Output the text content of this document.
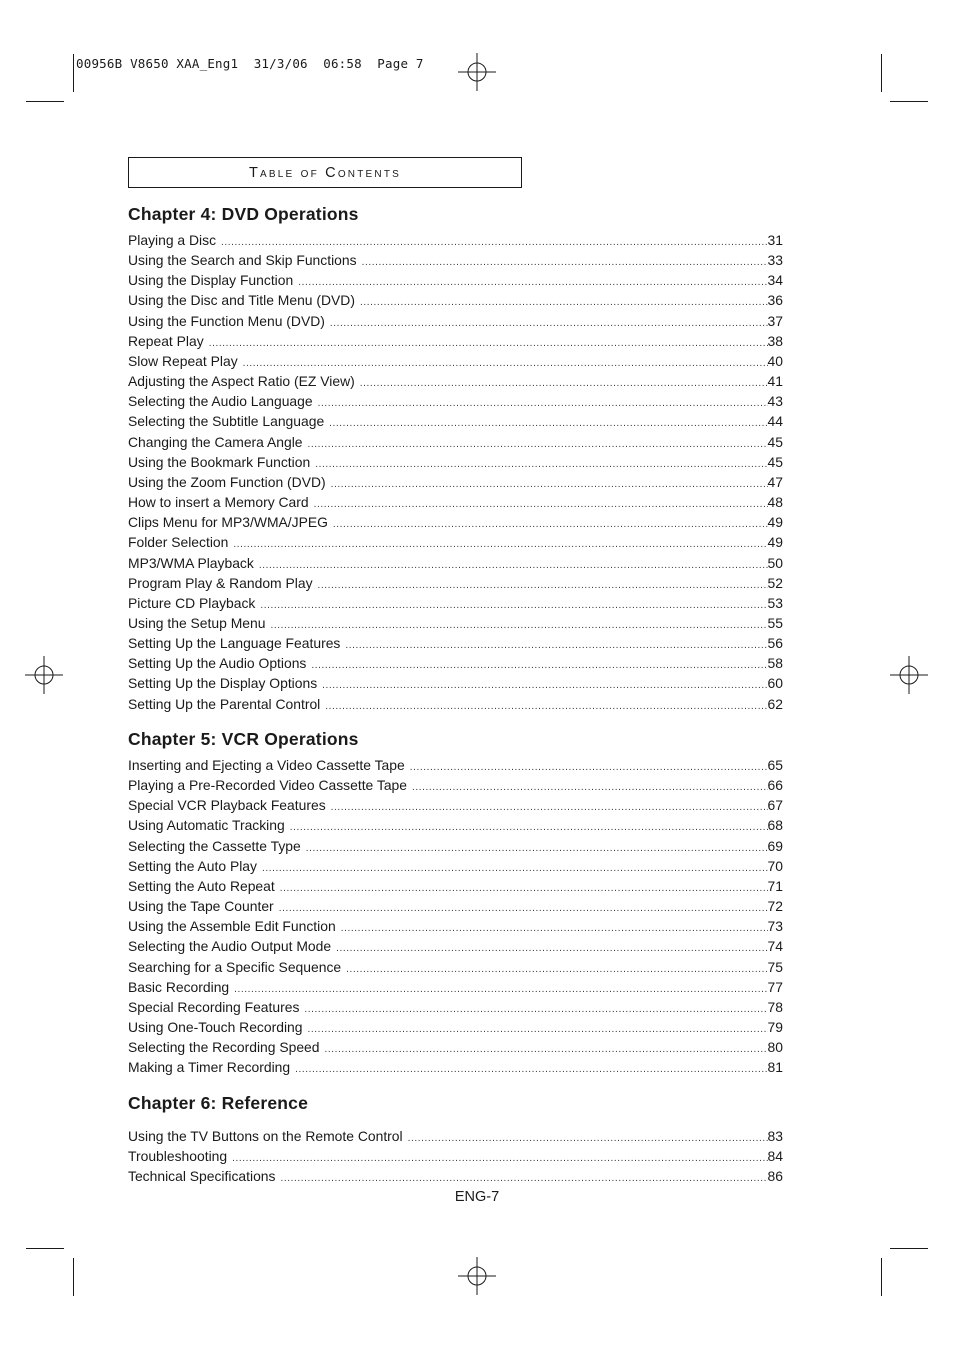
00956B V8650 XAA_Eng1  31/3/06  06:58  Page 7
Table of Contents
Chapter 4: DVD Operations
Playing a Disc .....	31
Using the Search and Skip Functions .....	33
Using the Display Function .....	34
Using the Disc and Title Menu (DVD) .....	36
Using the Function Menu (DVD) .....	37
Repeat Play .....	38
Slow Repeat Play .....	40
Adjusting the Aspect Ratio (EZ View) .....	41
Selecting the Audio Language .....	43
Selecting the Subtitle Language .....	44
Changing the Camera Angle .....	45
Using the Bookmark Function .....	45
Using the Zoom Function (DVD) .....	47
How to insert a Memory Card .....	48
Clips Menu for MP3/WMA/JPEG .....	49
Folder Selection .....	49
MP3/WMA Playback .....	50
Program Play & Random Play .....	52
Picture CD Playback .....	53
Using the Setup Menu .....	55
Setting Up the Language Features .....	56
Setting Up the Audio Options .....	58
Setting Up the Display Options .....	60
Setting Up the Parental Control .....	62
Chapter 5: VCR Operations
Inserting and Ejecting a Video Cassette Tape .....	65
Playing a Pre-Recorded Video Cassette Tape .....	66
Special VCR Playback Features .....	67
Using Automatic Tracking .....	68
Selecting the Cassette Type .....	69
Setting the Auto Play .....	70
Setting the Auto Repeat .....	71
Using the Tape Counter .....	72
Using the Assemble Edit Function .....	73
Selecting the Audio Output Mode .....	74
Searching for a Specific Sequence .....	75
Basic Recording .....	77
Special Recording Features .....	78
Using One-Touch Recording .....	79
Selecting the Recording Speed .....	80
Making a Timer Recording .....	81
Chapter 6: Reference
Using the TV Buttons on the Remote Control .....	83
Troubleshooting .....	84
Technical Specifications .....	86
ENG-7
